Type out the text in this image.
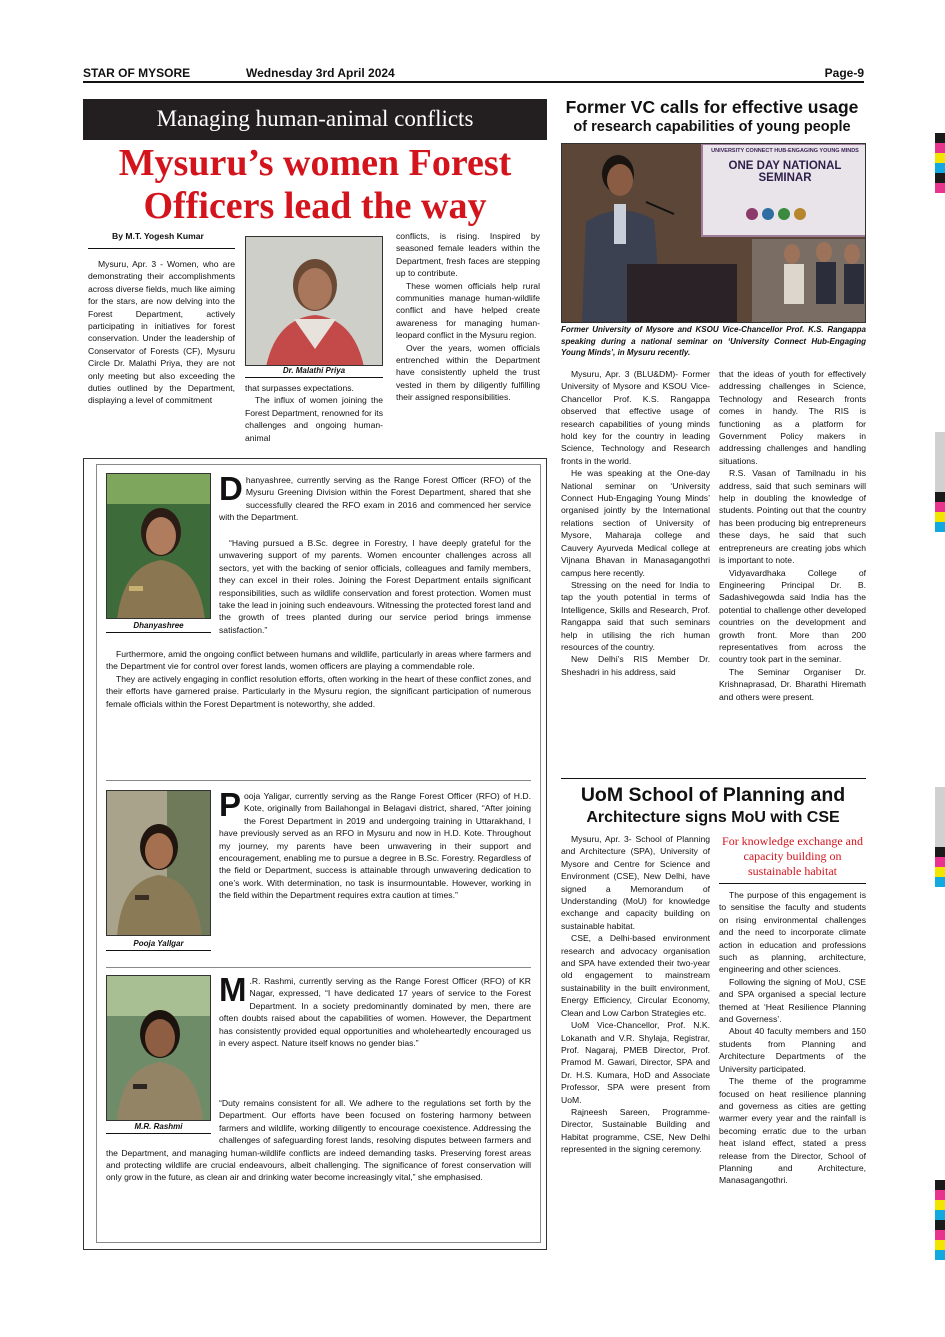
STAR OF MYSORE	Wednesday 3rd April 2024	Page-9
Managing human-animal conflicts
Mysuru’s women Forest
Officers lead the way
By M.T. Yogesh Kumar

Mysuru, Apr. 3 - Women, who are demonstrating their accomplishments across diverse fields, much like aiming for the stars, are now delving into the Forest Department, actively participating in initiatives for forest conservation. Under the leadership of Conservator of Forests (CF), Mysuru Circle Dr. Malathi Priya, they are not only meeting but also exceeding the duties outlined by the Department, displaying a level of commitment

Dr. Malathi Priya

that surpasses expectations.

The influx of women joining the Forest Department, renowned for its challenges and ongoing human-animal

conflicts, is rising. Inspired by seasoned female leaders within the Department, fresh faces are stepping up to contribute.

These women officials help rural communities manage human-wildlife conflict and have helped create awareness for managing human-leopard conflict in the Mysuru region.

Over the years, women officials entrenched within the Department have consistently upheld the trust vested in them by diligently fulfilling their assigned responsibilities.

Dhanyashree

Dhanyashree, currently serving as the Range Forest Officer (RFO) of the Mysuru Greening Division within the Forest Department, shared that she successfully cleared the RFO exam in 2016 and commenced her service with the Department.

“Having pursued a B.Sc. degree in Forestry, I have deeply grateful for the unwavering support of my parents. Women encounter challenges across all sectors, yet with the backing of senior officials, colleagues and family members, they can excel in their roles. Joining the Forest Department entails significant responsibilities, such as wildlife conservation and forest protection. Women must take the lead in joining such endeavours. Witnessing the protected forest land and the growth of trees planted during our service period brings immense satisfaction.”

Furthermore, amid the ongoing conflict between humans and wildlife, particularly in areas where farmers and the Department vie for control over forest lands, women officers are playing a commendable role.

They are actively engaging in conflict resolution efforts, often working in the heart of these conflict zones, and their efforts have garnered praise. Particularly in the Mysuru region, the significant participation of numerous female officials within the Forest Department is noteworthy, she added.

Pooja Yallgar

Pooja Yaligar, currently serving as the Range Forest Officer (RFO) of H.D. Kote, originally from Bailahongal in Belagavi district, shared, “After joining the Forest Department in 2019 and undergoing training in Uttarakhand, I have previously served as an RFO in Mysuru and now in H.D. Kote. Throughout my journey, my parents have been unwavering in their support and encouragement, enabling me to pursue a degree in B.Sc. Forestry. Regardless of the field or Department, success is attainable through unwavering dedication to one’s work. With determination, no task is insurmountable. However, working in the field within the Department requires extra caution at times.”

M.R. Rashmi

M .R. Rashmi, currently serving as the Range Forest Officer (RFO) of KR Nagar, expressed, “I have dedicated 17 years of service to the Forest Department. In a society predominantly dominated by men, there are often doubts raised about the capabilities of women. However, the Department has consistently provided equal opportunities and wholeheartedly encouraged us in every aspect. Nature itself knows no gender bias.”

“Duty remains consistent for all. We adhere to the regulations set forth by the Department. Our efforts have been focused on fostering harmony between farmers and wildlife, working diligently to encourage coexistence. Addressing the challenges of safeguarding forest lands, resolving disputes between farmers and the Department, and managing human-wildlife conflicts are indeed demanding tasks. Preserving forest areas and protecting wildlife are crucial endeavours, albeit challenging. The significance of forest conservation will only grow in the future, as clean air and drinking water become increasingly vital,” she emphasised.

Former VC calls for effective usage
of research capabilities of young people
UNIVERSITY CONNECT HUB-ENGAGING YOUNG MINDS
ONE DAY NATIONAL SEMINAR
Former University of Mysore and KSOU Vice-Chancellor Prof. K.S. Rangappa speaking during a national seminar on ‘University Connect Hub-Engaging Young Minds’, in Mysuru recently.

Mysuru, Apr. 3 (BLU&DM)- Former University of Mysore and KSOU Vice-Chancellor Prof. K.S. Rangappa observed that effective usage of research capabilities of young minds hold key for the country in leading Science, Technology and Research fronts in the world.

He was speaking at the One-day National seminar on ‘University Connect Hub-Engaging Young Minds’ organised jointly by the International relations section of University of Mysore, Maharaja college and Cauvery Ayurveda Medical college at Vijnana Bhavan in Manasagangothri campus here recently.

Stressing on the need for India to tap the youth potential in terms of Intelligence, Skills and Research, Prof. Rangappa said that such seminars help in utilising the rich human resources of the country.

New Delhi’s RIS Member Dr. Sheshadri in his address, said

that the ideas of youth for effectively addressing challenges in Science, Technology and Research fronts comes in handy. The RIS is functioning as a platform for Government Policy makers in addressing challenges and handling situations.

R.S. Vasan of Tamilnadu in his address, said that such seminars will help in doubling the knowledge of students. Pointing out that the country has been producing big entrepreneurs these days, he said that such entrepreneurs are creating jobs which is important to note.

Vidyavardhaka College of Engineering Principal Dr. B. Sadashivegowda said India has the potential to challenge other developed countries on the development and growth front. More than 200 representatives from across the country took part in the seminar.

The Seminar Organiser Dr. Krishnaprasad, Dr. Bharathi Hiremath and others were present.

UoM School of Planning and
Architecture signs MoU with CSE

Mysuru, Apr. 3- School of Planning and Architecture (SPA), University of Mysore and Centre for Science and Environment (CSE), New Delhi, have signed a Memorandum of Understanding (MoU) for knowledge exchange and capacity building on sustainable habitat.

CSE, a Delhi-based environment research and advocacy organisation and SPA have extended their two-year old engagement to mainstream sustainability in the built environment, Energy Efficiency, Circular Economy, Clean and Low Carbon Strategies etc.

UoM Vice-Chancellor, Prof. N.K. Lokanath and V.R. Shylaja, Registrar, Prof. Nagaraj, PMEB Director, Prof. Pramod M. Gawari, Director, SPA and Dr. H.S. Kumara, HoD and Associate Professor, SPA were present from UoM.

Rajneesh Sareen, Programme-Director, Sustainable Building and Habitat programme, CSE, New Delhi represented in the signing ceremony.

For knowledge exchange and capacity building on sustainable habitat

The purpose of this engagement is to sensitise the faculty and students on rising environmental challenges and the need to incorporate climate action in education and professions such as planning, architecture, engineering and other sciences.

Following the signing of MoU, CSE and SPA organised a special lecture themed at ‘Heat Resilience Planning and Governess’.

About 40 faculty members and 150 students from Planning and Architecture Departments of the University participated.

The theme of the programme focused on heat resilience planning and governess as cities are getting warmer every year and the rainfall is becoming erratic due to the urban heat island effect, stated a press release from the Director, School of Planning and Architecture, Manasagangothri.
